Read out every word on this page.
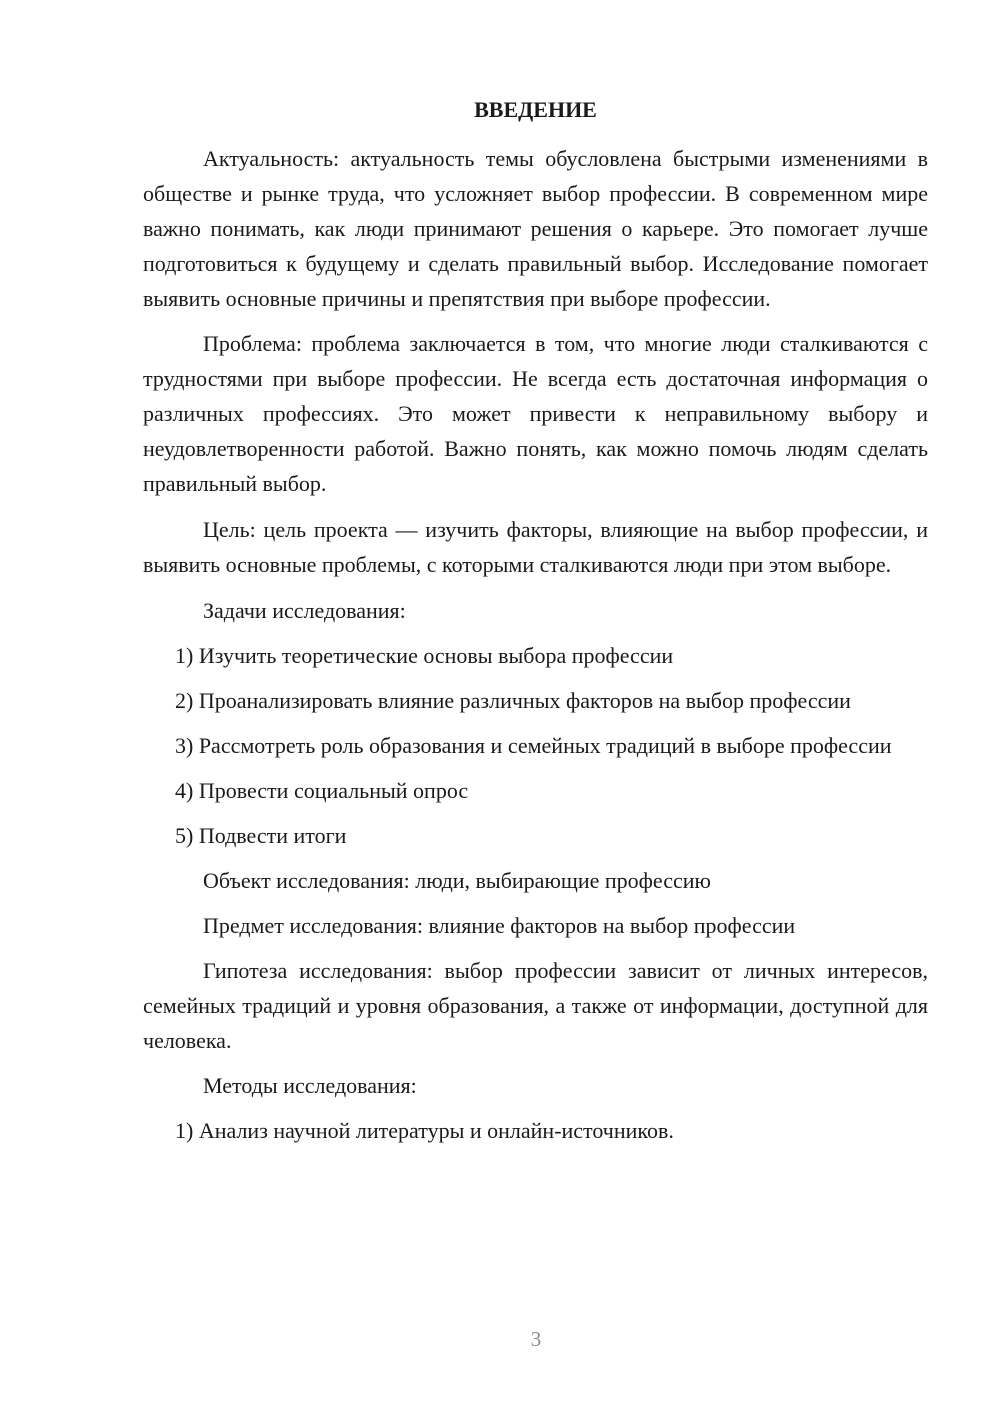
ВВЕДЕНИЕ

Актуальность: актуальность темы обусловлена быстрыми изменениями в обществе и рынке труда, что усложняет выбор профессии. В современном мире важно понимать, как люди принимают решения о карьере. Это помогает лучше подготовиться к будущему и сделать правильный выбор. Исследование помогает выявить основные причины и препятствия при выборе профессии.

Проблема: проблема заключается в том, что многие люди сталкиваются с трудностями при выборе профессии. Не всегда есть достаточная информация о различных профессиях. Это может привести к неправильному выбору и неудовлетворенности работой. Важно понять, как можно помочь людям сделать правильный выбор.

Цель: цель проекта — изучить факторы, влияющие на выбор профессии, и выявить основные проблемы, с которыми сталкиваются люди при этом выборе.

Задачи исследования:

1) Изучить теоретические основы выбора профессии

2) Проанализировать влияние различных факторов на выбор профессии

3) Рассмотреть роль образования и семейных традиций в выборе профессии

4) Провести социальный опрос

5) Подвести итоги

Объект исследования: люди, выбирающие профессию

Предмет исследования: влияние факторов на выбор профессии

Гипотеза исследования: выбор профессии зависит от личных интересов, семейных традиций и уровня образования, а также от информации, доступной для человека.

Методы исследования:

1) Анализ научной литературы и онлайн-источников.

3
